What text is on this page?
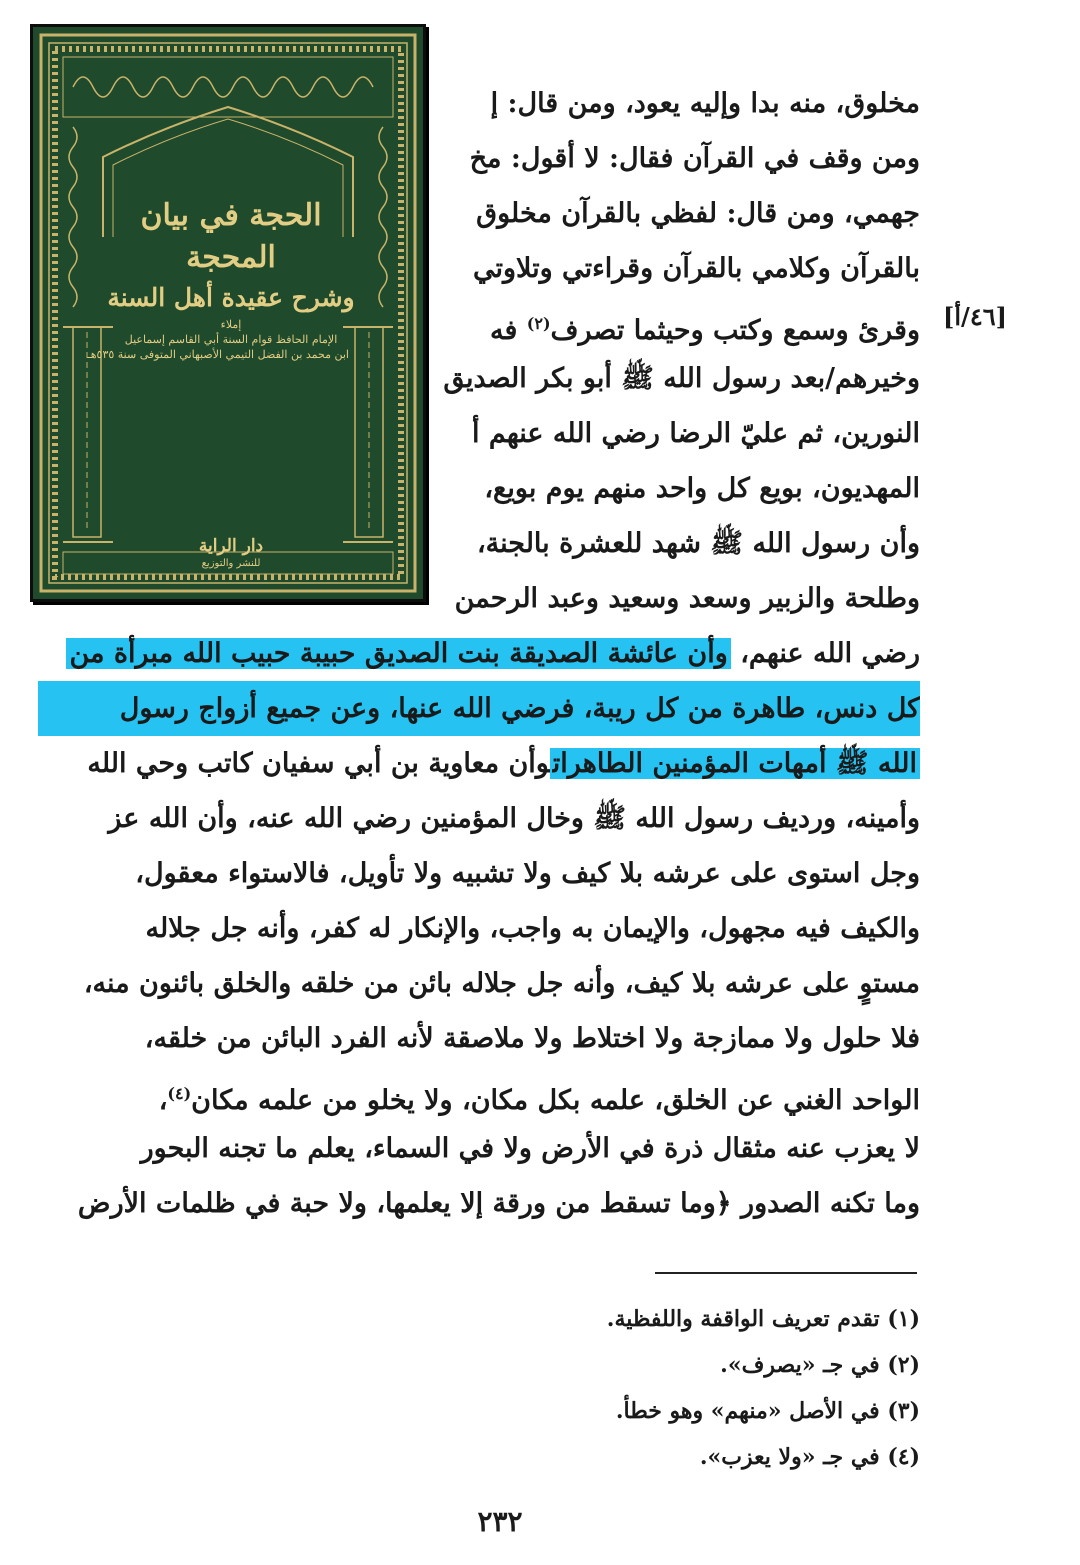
[٤٦/أ]
مخلوق، منه بدا وإليه يعود، ومن قال: إ
ومن وقف في القرآن فقال: لا أقول: مخ
جهمي، ومن قال: لفظي بالقرآن مخلوق
بالقرآن وكلامي بالقرآن وقراءتي وتلاوتي
وقرئ وسمع وكتب وحيثما تصرف$^{(٢)}$ فه
وخيرهم/بعد رسول الله ﷺ أبو بكر الصديق
النورين، ثم عليّ الرضا رضي الله عنهم أ
المهديون، بويع كل واحد منهم يوم بويع،
وأن رسول الله ﷺ شهد للعشرة بالجنة،
وطلحة والزبير وسعد وسعيد وعبد الرحمن
رضي الله عنهم، وأن عائشة الصديقة بنت الصديق حبيبة حبيب الله مبرأة من
كل دنس، طاهرة من كل ريبة، فرضي الله عنها، وعن جميع أزواج رسول
الله ﷺ أمهات المؤمنين الطاهراتوأن معاوية بن أبي سفيان كاتب وحي الله
وأمينه، ورديف رسول الله ﷺ وخال المؤمنين رضي الله عنه، وأن الله عز
وجل استوى على عرشه بلا كيف ولا تشبيه ولا تأويل، فالاستواء معقول،
والكيف فيه مجهول، والإيمان به واجب، والإنكار له كفر، وأنه جل جلاله
مستوٍ على عرشه بلا كيف، وأنه جل جلاله بائن من خلقه والخلق بائنون منه،
فلا حلول ولا ممازجة ولا اختلاط ولا ملاصقة لأنه الفرد البائن من خلقه،
الواحد الغني عن الخلق، علمه بكل مكان، ولا يخلو من علمه مكان$^{(٤)}$،
لا يعزب عنه مثقال ذرة في الأرض ولا في السماء، يعلم ما تجنه البحور
وما تكنه الصدور ﴿وما تسقط من ورقة إلا يعلمها، ولا حبة في ظلمات الأرض
(١) تقدم تعريف الواقفة واللفظية.
(٢) في جـ «يصرف».
(٣) في الأصل «منهم» وهو خطأ.
(٤) في جـ «ولا يعزب».
٢٣٢
الحجة في بيان المحجة
وشرح عقيدة أهل السنة
إملاء
الإمام الحافظ قوام السنة أبي القاسم إسماعيل
ابن محمد بن الفضل التيمي الأصبهاني المتوفى سنة ٥٣٥هـ
دار الراية
للنشر والتوزيع
